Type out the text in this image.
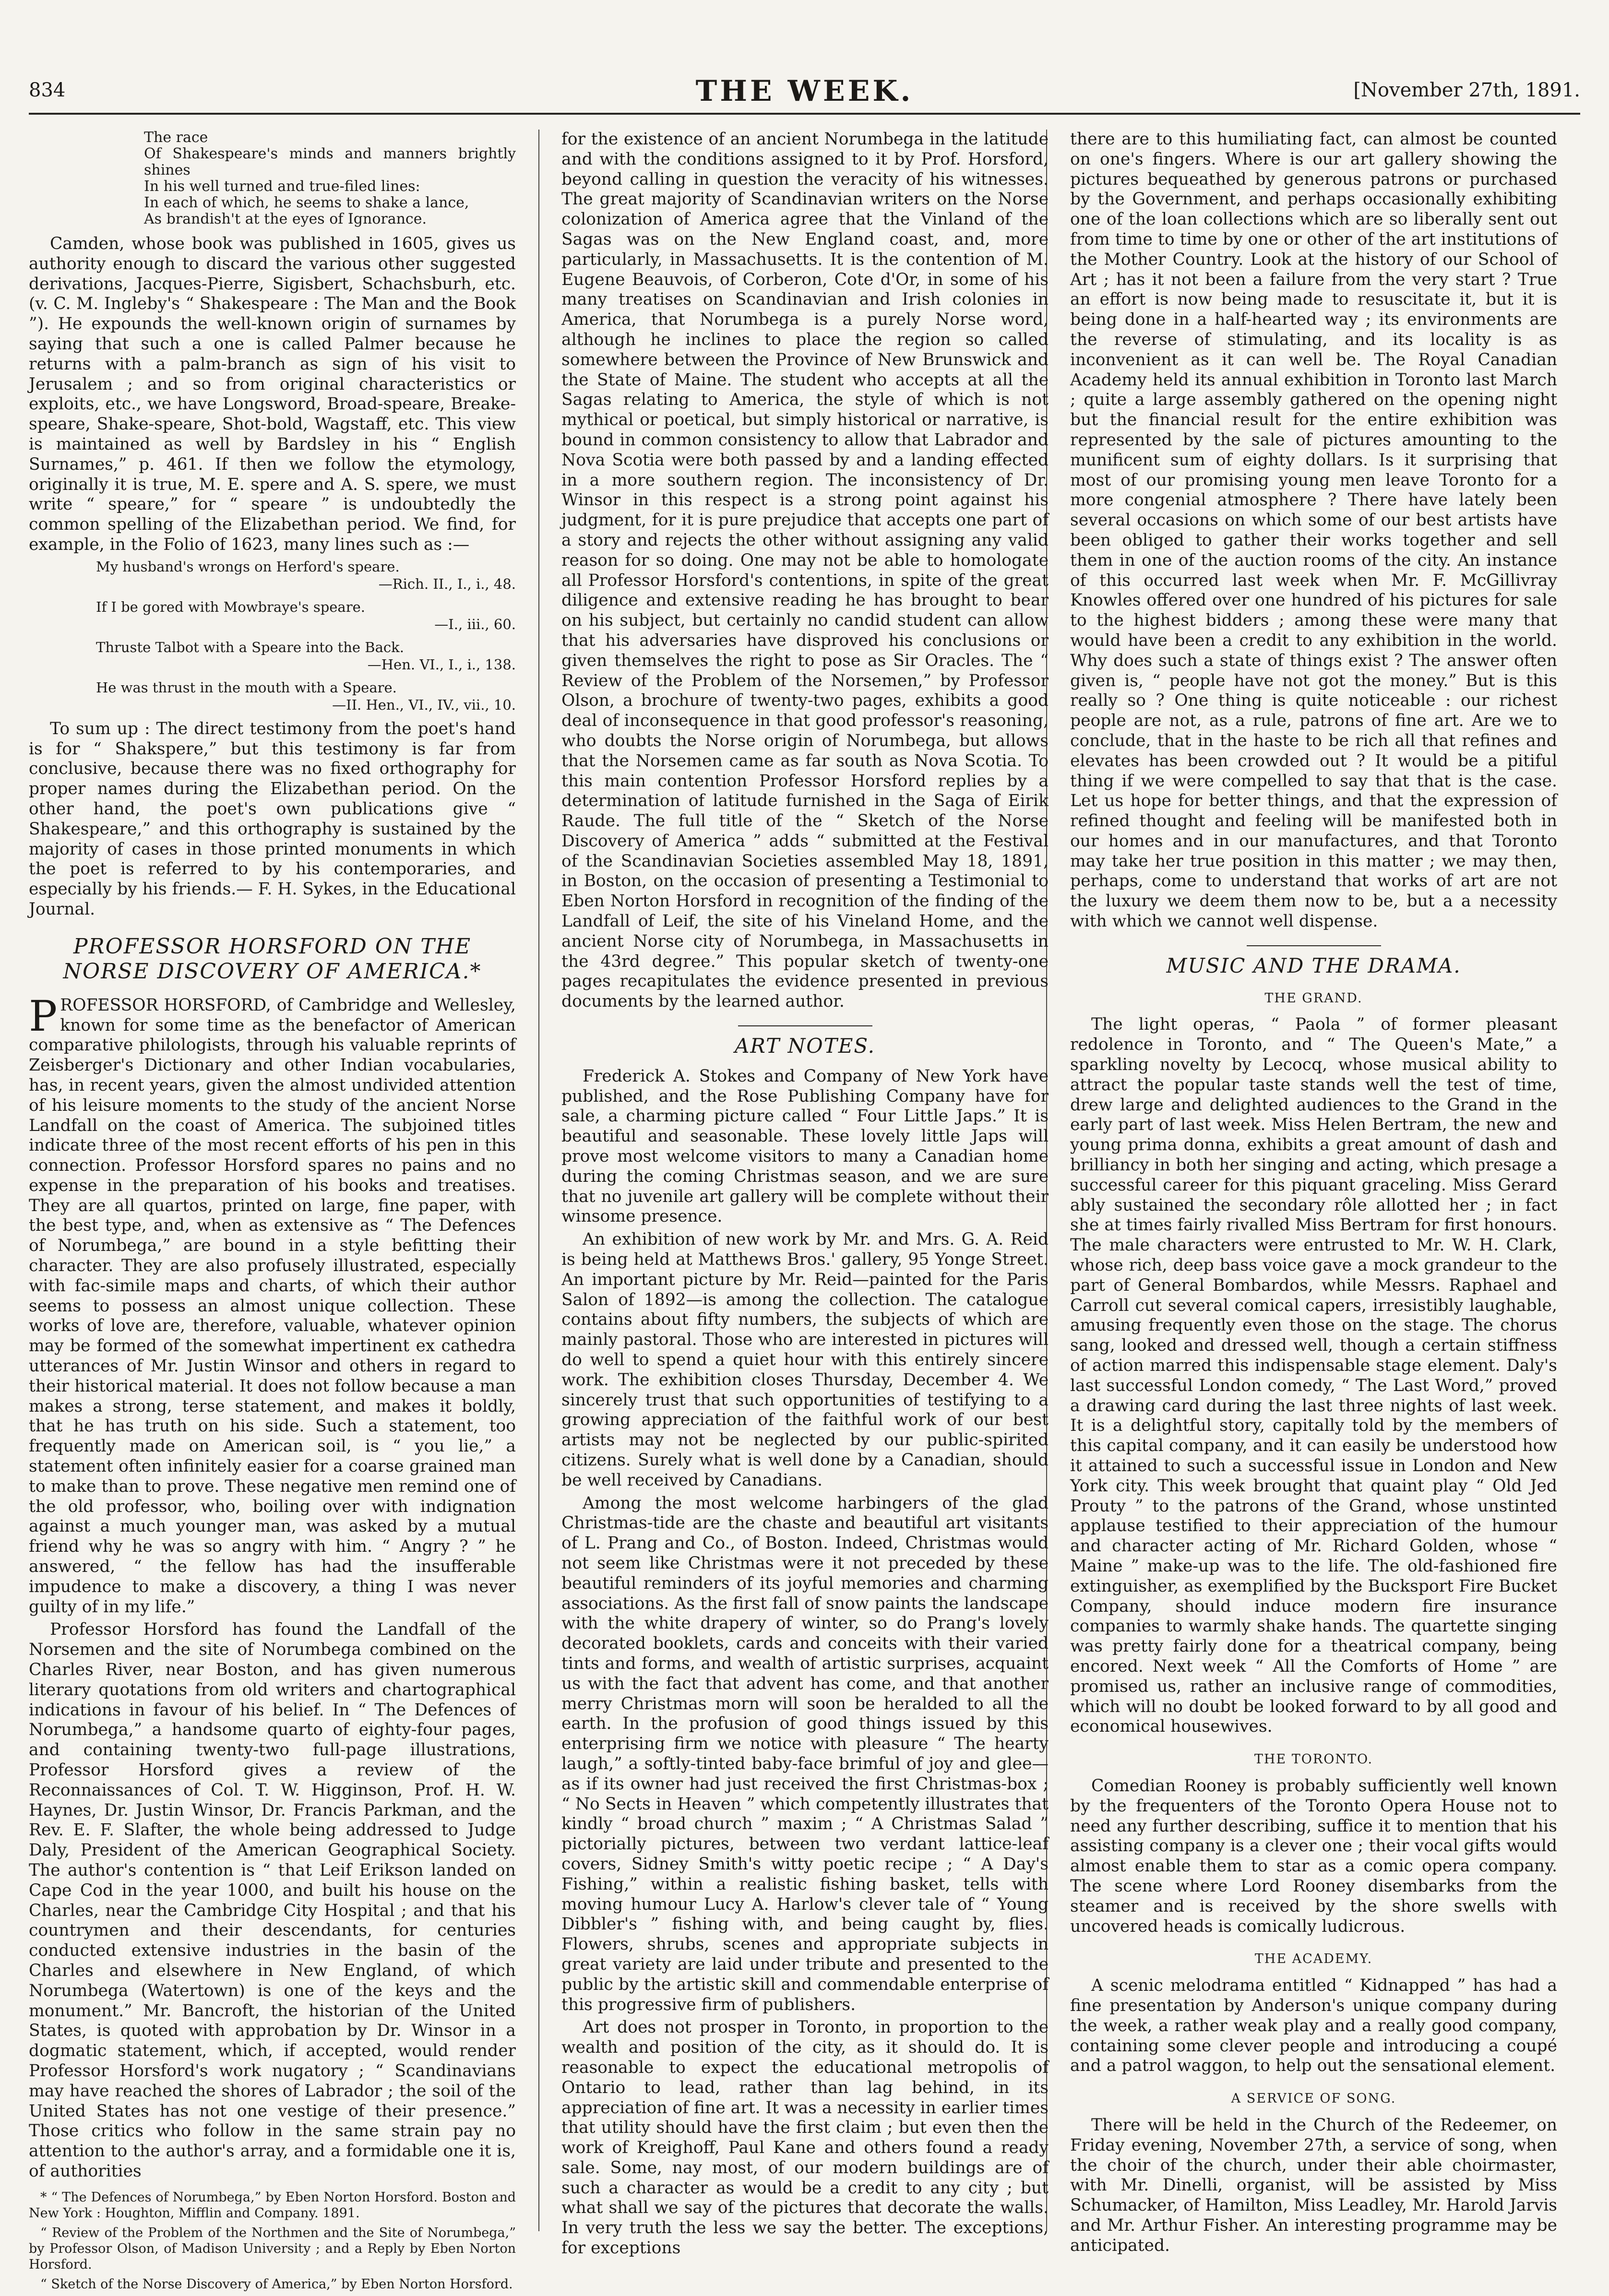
834	THE WEEK.	[November 27th, 1891.
The race
Of Shakespeare's minds and manners brightly shines
In his well turned and true-filed lines:
In each of which, he seems to shake a lance,
As brandish't at the eyes of Ignorance.

Camden, whose book was published in 1605, gives us authority enough to discard the various other suggested derivations, Jacques-Pierre, Sigisbert, Schachsburh, etc. (v. C. M. Ingleby's “ Shakespeare : The Man and the Book ”). He expounds the well-known origin of surnames by saying that such a one is called Palmer because he returns with a palm-branch as sign of his visit to Jerusalem ; and so from original characteristics or exploits, etc., we have Longsword, Broad-speare, Breake-speare, Shake-speare, Shot-bold, Wagstaff, etc. This view is maintained as well by Bardsley in his “ English Surnames,” p. 461. If then we follow the etymology, originally it is true, M. E. spere and A. S. spere, we must write “ speare,” for “ speare ” is undoubtedly the common spelling of the Elizabethan period. We find, for example, in the Folio of 1623, many lines such as :—

My husband's wrongs on Herford's speare.
—Rich. II., I., i., 48.
If I be gored with Mowbraye's speare.
—I., iii., 60.
Thruste Talbot with a Speare into the Back.
—Hen. VI., I., i., 138.
He was thrust in the mouth with a Speare.
—II. Hen., VI., IV., vii., 10.

To sum up : The direct testimony from the poet's hand is for “ Shakspere,” but this testimony is far from conclusive, because there was no fixed orthography for proper names during the Elizabethan period. On the other hand, the poet's own publications give “ Shakespeare,” and this orthography is sustained by the majority of cases in those printed monuments in which the poet is referred to by his contemporaries, and especially by his friends.— F. H. Sykes, in the Educational Journal.

PROFESSOR HORSFORD ON THE NORSE DISCOVERY OF AMERICA.*

PROFESSOR HORSFORD, of Cambridge and Wellesley, known for some time as the benefactor of American comparative philologists, through his valuable reprints of Zeisberger's Dictionary and other Indian vocabularies, has, in recent years, given the almost undivided attention of his leisure moments to the study of the ancient Norse Landfall on the coast of America. The subjoined titles indicate three of the most recent efforts of his pen in this connection. Professor Horsford spares no pains and no expense in the preparation of his books and treatises. They are all quartos, printed on large, fine paper, with the best type, and, when as extensive as “ The Defences of Norumbega,” are bound in a style befitting their character. They are also profusely illustrated, especially with fac-simile maps and charts, of which their author seems to possess an almost unique collection. These works of love are, therefore, valuable, whatever opinion may be formed of the somewhat impertinent ex cathedra utterances of Mr. Justin Winsor and others in regard to their historical material. It does not follow because a man makes a strong, terse statement, and makes it boldly, that he has truth on his side. Such a statement, too frequently made on American soil, is “ you lie,” a statement often infinitely easier for a coarse grained man to make than to prove. These negative men remind one of the old professor, who, boiling over with indignation against a much younger man, was asked by a mutual friend why he was so angry with him. “ Angry ? ” he answered, “ the fellow has had the insufferable impudence to make a discovery, a thing I was never guilty of in my life.”

Professor Horsford has found the Landfall of the Norsemen and the site of Norumbega combined on the Charles River, near Boston, and has given numerous literary quotations from old writers and chartographical indications in favour of his belief. In “ The Defences of Norumbega,” a handsome quarto of eighty-four pages, and containing twenty-two full-page illustrations, Professor Horsford gives a review of the Reconnaissances of Col. T. W. Higginson, Prof. H. W. Haynes, Dr. Justin Winsor, Dr. Francis Parkman, and the Rev. E. F. Slafter, the whole being addressed to Judge Daly, President of the American Geographical Society. The author's contention is “ that Leif Erikson landed on Cape Cod in the year 1000, and built his house on the Charles, near the Cambridge City Hospital ; and that his countrymen and their descendants, for centuries conducted extensive industries in the basin of the Charles and elsewhere in New England, of which Norumbega (Watertown) is one of the keys and the monument.” Mr. Bancroft, the historian of the United States, is quoted with approbation by Dr. Winsor in a dogmatic statement, which, if accepted, would render Professor Horsford's work nugatory ; “ Scandinavians may have reached the shores of Labrador ; the soil of the United States has not one vestige of their presence.” Those critics who follow in the same strain pay no attention to the author's array, and a formidable one it is, of authorities

* “ The Defences of Norumbega,” by Eben Norton Horsford. Boston and New York : Houghton, Mifflin and Company. 1891.
“ Review of the Problem of the Northmen and the Site of Norumbega,” by Professor Olson, of Madison University ; and a Reply by Eben Norton Horsford.
“ Sketch of the Norse Discovery of America,” by Eben Norton Horsford.

for the existence of an ancient Norumbega in the latitude and with the conditions assigned to it by Prof. Horsford, beyond calling in question the veracity of his witnesses. The great majority of Scandinavian writers on the Norse colonization of America agree that the Vinland of the Sagas was on the New England coast, and, more particularly, in Massachusetts. It is the contention of M. Eugene Beauvois, of Corberon, Cote d'Or, in some of his many treatises on Scandinavian and Irish colonies in America, that Norumbega is a purely Norse word, although he inclines to place the region so called somewhere between the Province of New Brunswick and the State of Maine. The student who accepts at all the Sagas relating to America, the style of which is not mythical or poetical, but simply historical or narrative, is bound in common consistency to allow that Labrador and Nova Scotia were both passed by and a landing effected in a more southern region. The inconsistency of Dr. Winsor in this respect is a strong point against his judgment, for it is pure prejudice that accepts one part of a story and rejects the other without assigning any valid reason for so doing. One may not be able to homologate all Professor Horsford's contentions, in spite of the great diligence and extensive reading he has brought to bear on his subject, but certainly no candid student can allow that his adversaries have disproved his conclusions or given themselves the right to pose as Sir Oracles. The “ Review of the Problem of the Norsemen,” by Professor Olson, a brochure of twenty-two pages, exhibits a good deal of inconsequence in that good professor's reasoning, who doubts the Norse origin of Norumbega, but allows that the Norsemen came as far south as Nova Scotia. To this main contention Professor Horsford replies by a determination of latitude furnished in the Saga of Eirik Raude. The full title of the “ Sketch of the Norse Discovery of America ” adds “ submitted at the Festival of the Scandinavian Societies assembled May 18, 1891, in Boston, on the occasion of presenting a Testimonial to Eben Norton Horsford in recognition of the finding of the Landfall of Leif, the site of his Vineland Home, and the ancient Norse city of Norumbega, in Massachusetts in the 43rd degree.” This popular sketch of twenty-one pages recapitulates the evidence presented in previous documents by the learned author.

ART NOTES.

Frederick A. Stokes and Company of New York have published, and the Rose Publishing Company have for sale, a charming picture called “ Four Little Japs.” It is beautiful and seasonable. These lovely little Japs will prove most welcome visitors to many a Canadian home during the coming Christmas season, and we are sure that no juvenile art gallery will be complete without their winsome presence.

An exhibition of new work by Mr. and Mrs. G. A. Reid is being held at Matthews Bros.' gallery, 95 Yonge Street. An important picture by Mr. Reid—painted for the Paris Salon of 1892—is among the collection. The catalogue contains about fifty numbers, the subjects of which are mainly pastoral. Those who are interested in pictures will do well to spend a quiet hour with this entirely sincere work. The exhibition closes Thursday, December 4. We sincerely trust that such opportunities of testifying to a growing appreciation of the faithful work of our best artists may not be neglected by our public-spirited citizens. Surely what is well done by a Canadian, should be well received by Canadians.

Among the most welcome harbingers of the glad Christmas-tide are the chaste and beautiful art visitants of L. Prang and Co., of Boston. Indeed, Christmas would not seem like Christmas were it not preceded by these beautiful reminders of its joyful memories and charming associations. As the first fall of snow paints the landscape with the white drapery of winter, so do Prang's lovely decorated booklets, cards and conceits with their varied tints and forms, and wealth of artistic surprises, acquaint us with the fact that advent has come, and that another merry Christmas morn will soon be heralded to all the earth. In the profusion of good things issued by this enterprising firm we notice with pleasure “ The hearty laugh,” a softly-tinted baby-face brimful of joy and glee—as if its owner had just received the first Christmas-box ; “ No Sects in Heaven ” which competently illustrates that kindly “ broad church ” maxim ; “ A Christmas Salad ” pictorially pictures, between two verdant lattice-leaf covers, Sidney Smith's witty poetic recipe ; “ A Day's Fishing,” within a realistic fishing basket, tells with moving humour Lucy A. Harlow's clever tale of “ Young Dibbler's ” fishing with, and being caught by, flies. Flowers, shrubs, scenes and appropriate subjects in great variety are laid under tribute and presented to the public by the artistic skill and commendable enterprise of this progressive firm of publishers.

Art does not prosper in Toronto, in proportion to the wealth and position of the city, as it should do. It is reasonable to expect the educational metropolis of Ontario to lead, rather than lag behind, in its appreciation of fine art. It was a necessity in earlier times that utility should have the first claim ; but even then the work of Kreighoff, Paul Kane and others found a ready sale. Some, nay most, of our modern buildings are of such a character as would be a credit to any city ; but what shall we say of the pictures that decorate the walls. In very truth the less we say the better. The exceptions, for exceptions

there are to this humiliating fact, can almost be counted on one's fingers. Where is our art gallery showing the pictures bequeathed by generous patrons or purchased by the Government, and perhaps occasionally exhibiting one of the loan collections which are so liberally sent out from time to time by one or other of the art institutions of the Mother Country. Look at the history of our School of Art ; has it not been a failure from the very start ? True an effort is now being made to resuscitate it, but it is being done in a half-hearted way ; its environments are the reverse of stimulating, and its locality is as inconvenient as it can well be. The Royal Canadian Academy held its annual exhibition in Toronto last March ; quite a large assembly gathered on the opening night but the financial result for the entire exhibition was represented by the sale of pictures amounting to the munificent sum of eighty dollars. Is it surprising that most of our promising young men leave Toronto for a more congenial atmosphere ? There have lately been several occasions on which some of our best artists have been obliged to gather their works together and sell them in one of the auction rooms of the city. An instance of this occurred last week when Mr. F. McGillivray Knowles offered over one hundred of his pictures for sale to the highest bidders ; among these were many that would have been a credit to any exhibition in the world. Why does such a state of things exist ? The answer often given is, “ people have not got the money.” But is this really so ? One thing is quite noticeable : our richest people are not, as a rule, patrons of fine art. Are we to conclude, that in the haste to be rich all that refines and elevates has been crowded out ? It would be a pitiful thing if we were compelled to say that that is the case. Let us hope for better things, and that the expression of refined thought and feeling will be manifested both in our homes and in our manufactures, and that Toronto may take her true position in this matter ; we may then, perhaps, come to understand that works of art are not the luxury we deem them now to be, but a a necessity with which we cannot well dispense.

MUSIC AND THE DRAMA.
THE GRAND.

The light operas, “ Paola ” of former pleasant redolence in Toronto, and “ The Queen's Mate,” a sparkling novelty by Lecocq, whose musical ability to attract the popular taste stands well the test of time, drew large and delighted audiences to the Grand in the early part of last week. Miss Helen Bertram, the new and young prima donna, exhibits a great amount of dash and brilliancy in both her singing and acting, which presage a successful career for this piquant graceling. Miss Gerard ably sustained the secondary rôle allotted her ; in fact she at times fairly rivalled Miss Bertram for first honours. The male characters were entrusted to Mr. W. H. Clark, whose rich, deep bass voice gave a mock grandeur to the part of General Bombardos, while Messrs. Raphael and Carroll cut several comical capers, irresistibly laughable, amusing frequently even those on the stage. The chorus sang, looked and dressed well, though a certain stiffness of action marred this indispensable stage element. Daly's last successful London comedy, “ The Last Word,” proved a drawing card during the last three nights of last week. It is a delightful story, capitally told by the members of this capital company, and it can easily be understood how it attained to such a successful issue in London and New York city. This week brought that quaint play “ Old Jed Prouty ” to the patrons of the Grand, whose unstinted applause testified to their appreciation of the humour and character acting of Mr. Richard Golden, whose “ Maine ” make-up was to the life. The old-fashioned fire extinguisher, as exemplified by the Bucksport Fire Bucket Company, should induce modern fire insurance companies to warmly shake hands. The quartette singing was pretty fairly done for a theatrical company, being encored. Next week “ All the Comforts of Home ” are promised us, rather an inclusive range of commodities, which will no doubt be looked forward to by all good and economical housewives.

THE TORONTO.

Comedian Rooney is probably sufficiently well known by the frequenters of the Toronto Opera House not to need any further describing, suffice it to mention that his assisting company is a clever one ; their vocal gifts would almost enable them to star as a comic opera company. The scene where Lord Rooney disembarks from the steamer and is received by the shore swells with uncovered heads is comically ludicrous.

THE ACADEMY.

A scenic melodrama entitled “ Kidnapped ” has had a fine presentation by Anderson's unique company during the week, a rather weak play and a really good company, containing some clever people and introducing a coupé and a patrol waggon, to help out the sensational element.

A SERVICE OF SONG.

There will be held in the Church of the Redeemer, on Friday evening, November 27th, a service of song, when the choir of the church, under their able choirmaster, with Mr. Dinelli, organist, will be assisted by Miss Schumacker, of Hamilton, Miss Leadley, Mr. Harold Jarvis and Mr. Arthur Fisher. An interesting programme may be anticipated.
